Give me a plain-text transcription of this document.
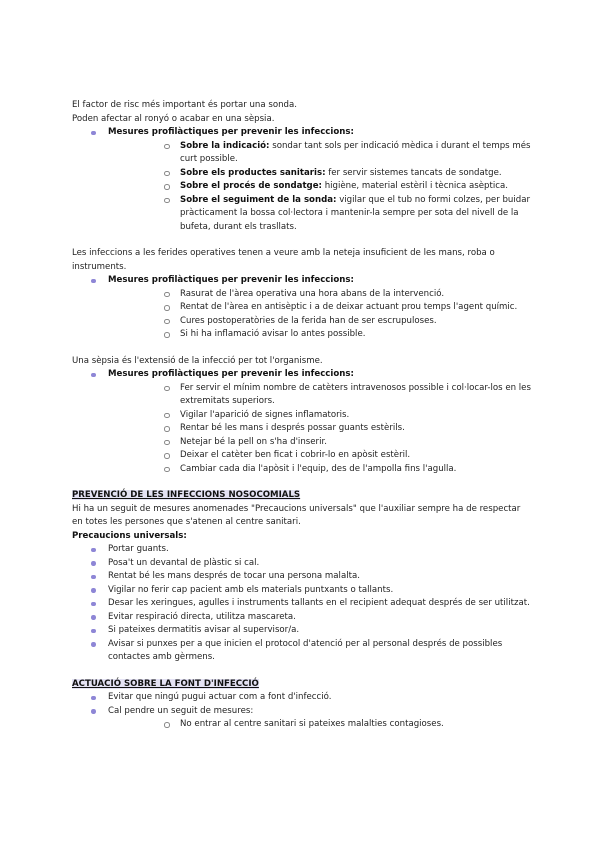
El factor de risc més important és portar una sonda.

Poden afectar al ronyó o acabar en una sèpsia.

Mesures profilàctiques per prevenir les infeccions:
Sobre la indicació: sondar tant sols per indicació mèdica i durant el temps més curt possible.
Sobre els productes sanitaris: fer servir sistemes tancats de sondatge.
Sobre el procés de sondatge: higiène, material estèril i tècnica asèptica.
Sobre el seguiment de la sonda: vigilar que el tub no formi colzes, per buidar pràcticament la bossa col·lectora i mantenir-la sempre per sota del nivell de la bufeta, durant els trasllats.

Les infeccions a les ferides operatives tenen a veure amb la neteja insuficient de les mans, roba o instruments.

Mesures profilàctiques per prevenir les infeccions:
Rasurat de l'àrea operativa una hora abans de la intervenció.
Rentat de l'àrea en antisèptic i a de deixar actuant prou temps l'agent químic.
Cures postoperatòries de la ferida han de ser escrupuloses.
Si hi ha inflamació avisar lo antes possible.

Una sèpsia és l'extensió de la infecció per tot l'organisme.

Mesures profilàctiques per prevenir les infeccions:
Fer servir el mínim nombre de catèters intravenosos possible i col·locar-los en les extremitats superiors.
Vigilar l'aparició de signes inflamatoris.
Rentar bé les mans i després possar guants estèrils.
Netejar bé la pell on s'ha d'inserir.
Deixar el catèter ben ficat i cobrir-lo en apòsit estèril.
Cambiar cada dia l'apòsit i l'equip, des de l'ampolla fins l'agulla.

PREVENCIÓ DE LES INFECCIONS NOSOCOMIALS

Hi ha un seguit de mesures anomenades "Precaucions universals" que l'auxiliar sempre ha de respectar en totes les persones que s'atenen al centre sanitari.

Precaucions universals:

Portar guants.
Posa't un devantal de plàstic si cal.
Rentat bé les mans després de tocar una persona malalta.
Vigilar no ferir cap pacient amb els materials puntxants o tallants.
Desar les xeringues, agulles i instruments tallants en el recipient adequat després de ser utilitzat.
Evitar respiració directa, utilitza mascareta.
Si pateixes dermatitis avisar al supervisor/a.
Avisar si punxes per a que inicien el protocol d'atenció per al personal després de possibles contactes amb gèrmens.

ACTUACIÓ SOBRE LA FONT D'INFECCIÓ

Evitar que ningú pugui actuar com a font d'infecció.
Cal pendre un seguit de mesures:
No entrar al centre sanitari si pateixes malalties contagioses.
